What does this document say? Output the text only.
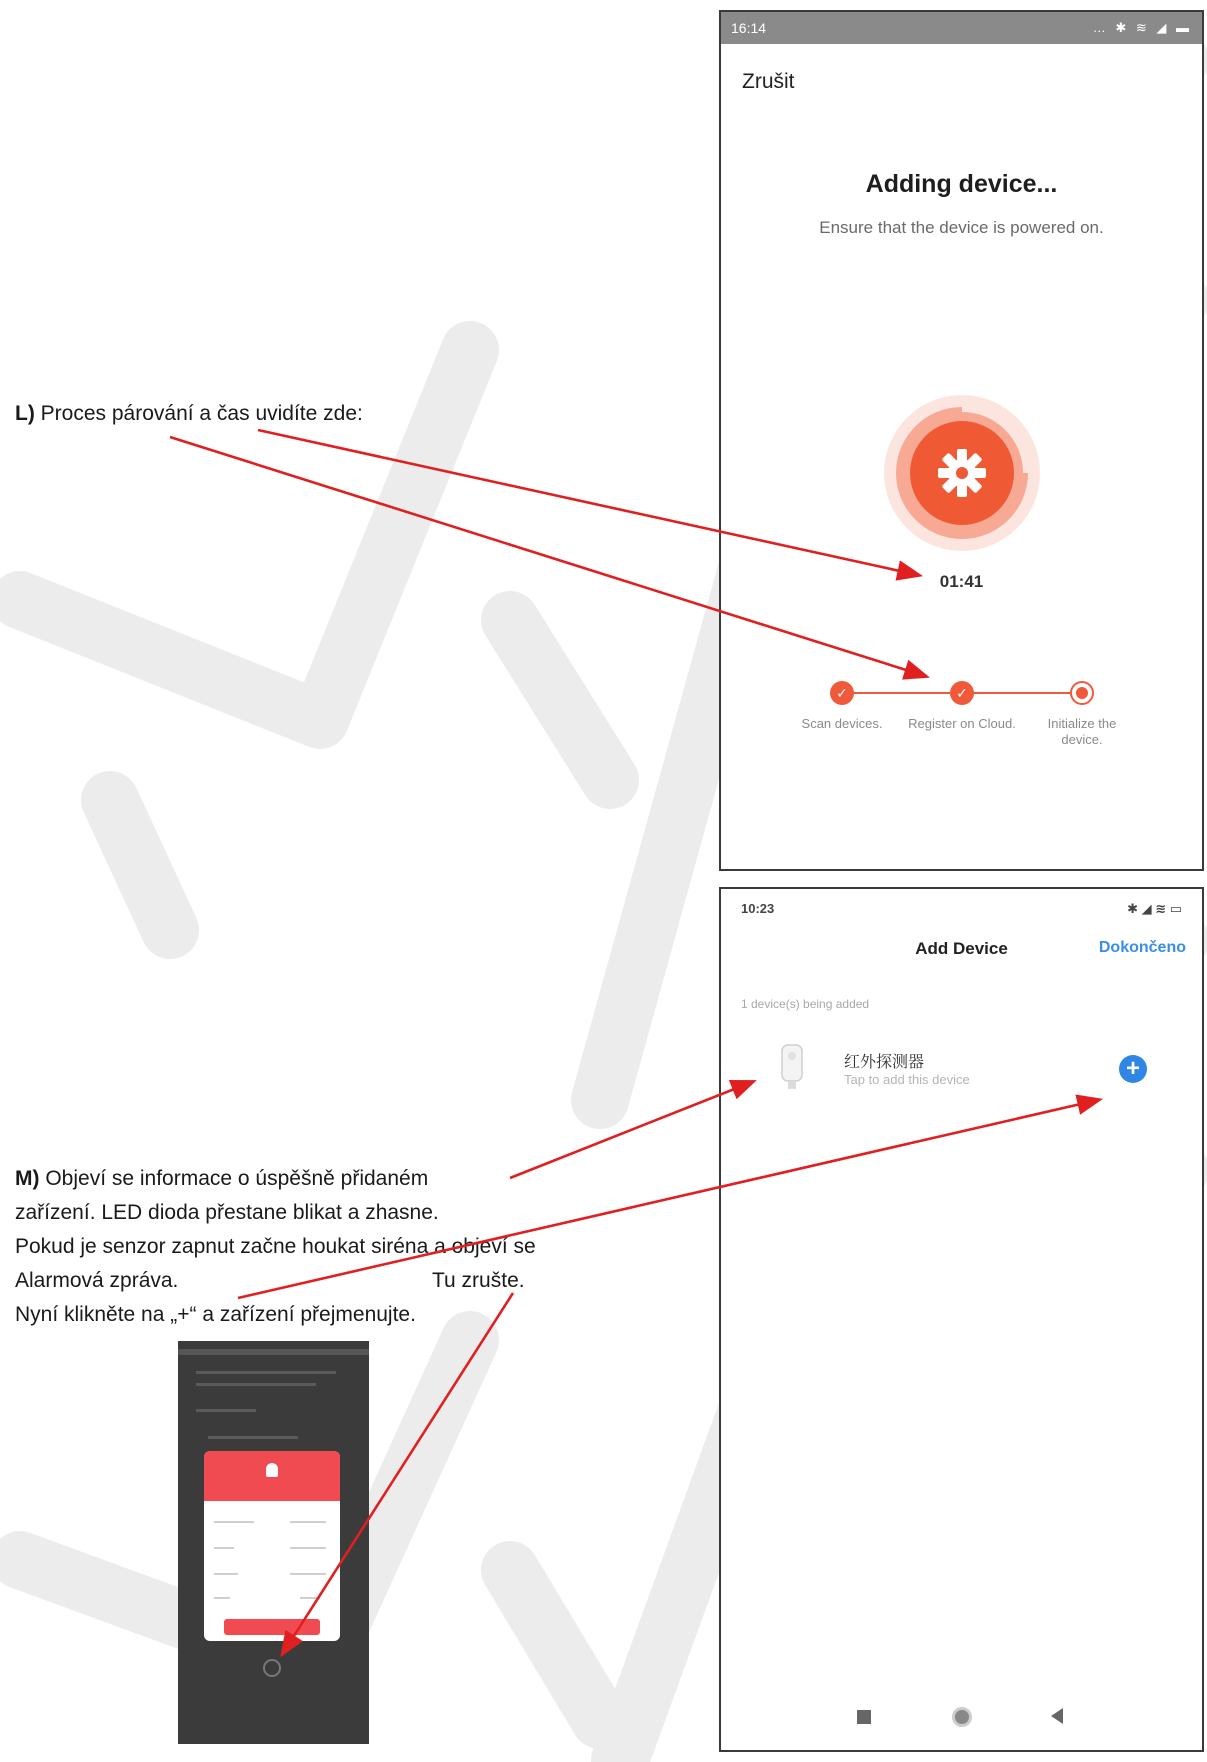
L) Proces párování a čas uvidíte zde:
M) Objeví se informace o úspěšně přidaném
zařízení. LED dioda přestane blikat a zhasne.
Pokud je senzor zapnut začne houkat siréna a objeví se
Alarmová zpráva.	Tu zrušte.
Nyní klikněte na „+“ a zařízení přejmenujte.
16:14	… ✱ ≋ ◢ ▬
Zrušit
Adding device...
Ensure that the device is powered on.
01:41
✓	✓
Scan devices.	Register on Cloud.	Initialize the device.
10:23	✱ ◢ ≋ ▭
Add Device	Dokončeno
1 device(s) being added
红外探测器
Tap to add this device	+
